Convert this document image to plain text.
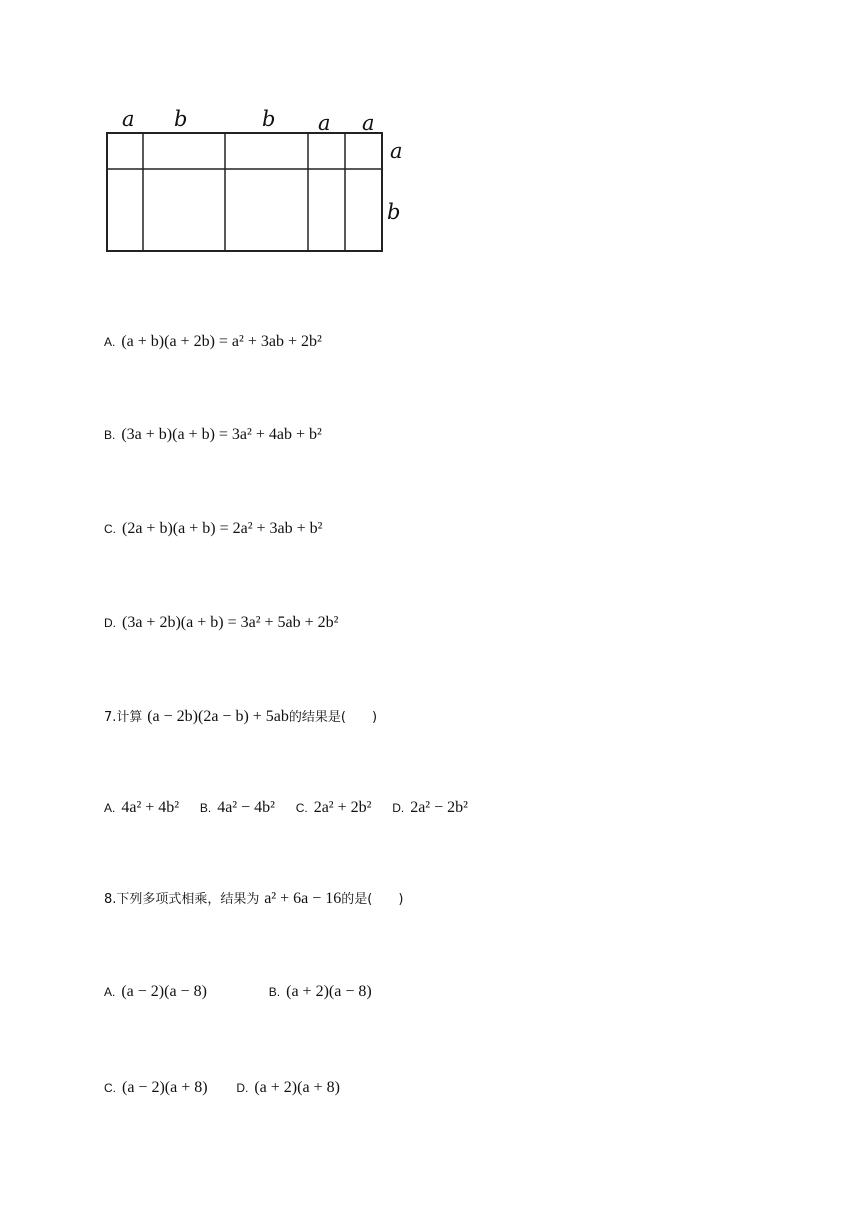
a b	b a a
a
b
A. (a + b)(a + 2b) = a² + 3ab + 2b²
B. (3a + b)(a + b) = 3a² + 4ab + b²
C. (2a + b)(a + b) = 2a² + 3ab + b²
D. (3a + 2b)(a + b) = 3a² + 5ab + 2b²
7.计算 (a − 2b)(2a − b) + 5ab的结果是(　　)
A. 4a² + 4b² B. 4a² − 4b² C. 2a² + 2b² D. 2a² − 2b²
8.下列多项式相乘，结果为 a² + 6a − 16的是(　　)
A. (a − 2)(a − 8)	B. (a + 2)(a − 8)
C. (a − 2)(a + 8) D. (a + 2)(a + 8)
